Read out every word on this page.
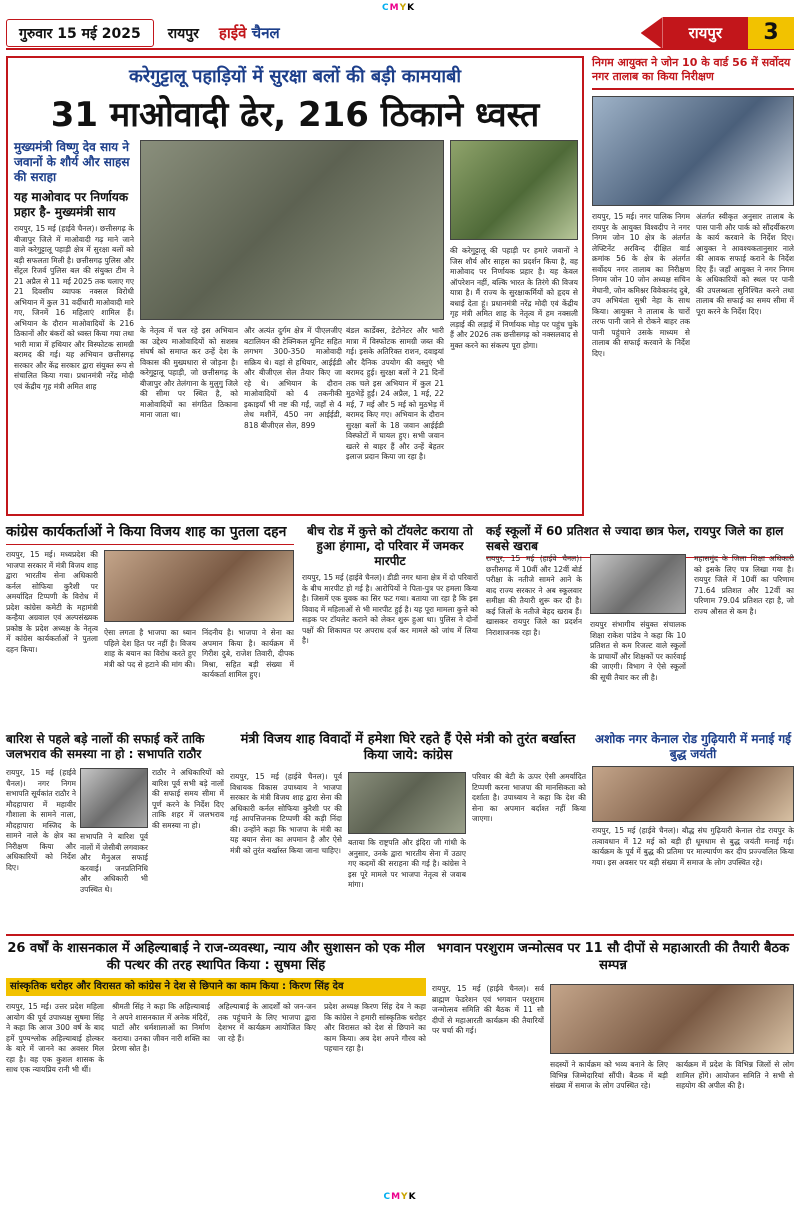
CMYK
गुरुवार 15 मई 2025	रायपुर हाईवे चैनल	रायपुर	3
करेगुट्टालू पहाड़ियों में सुरक्षा बलों की बड़ी कामयाबी
31 माओवादी ढेर, 216 ठिकाने ध्वस्त
मुख्यमंत्री विष्णु देव साय ने जवानों के शौर्य और साहस की सराहा
यह माओवाद पर निर्णायक प्रहार है- मुख्यमंत्री साय
रायपुर, 15 मई (हाईवे चैनल)। छत्तीसगढ़ के बीजापुर जिले में माओवादी गढ़ माने जाने वाले करेगुट्टालू पहाड़ी क्षेत्र में सुरक्षा बलों को बड़ी सफलता मिली है। छत्तीसगढ़ पुलिस और सेंट्रल रिजर्व पुलिस बल की संयुक्त टीम ने 21 अप्रैल से 11 मई 2025 तक चलाए गए 21 दिवसीय व्यापक नक्सल विरोधी अभियान में कुल 31 वर्दीधारी माओवादी मारे गए, जिनमें 16 महिलाएं शामिल हैं। अभियान के दौरान माओवादियों के 216 ठिकानों और बंकरों को ध्वस्त किया गया तथा भारी मात्रा में हथियार और विस्फोटक सामग्री बरामद की गई। यह अभियान छत्तीसगढ़ सरकार और केंद्र सरकार द्वारा संयुक्त रूप से संचालित किया गया। प्रधानमंत्री नरेंद्र मोदी एवं केंद्रीय गृह मंत्री अमित शाह
के नेतृत्व में चल रहे इस अभियान का उद्देश्य माओवादियों को सशस्त्र संघर्ष को समाप्त कर उन्हें देश के विकास की मुख्यधारा से जोड़ना है। करेगुट्टालू पहाड़ी, जो छत्तीसगढ़ के बीजापुर और तेलंगाना के मुलुगु जिले की सीमा पर स्थित है, को माओवादियों का संगठित ठिकाना माना जाता था।
और अत्यंत दुर्गम क्षेत्र में पीएलजीए बटालियन की टेक्निकल यूनिट सहित लगभग 300-350 माओवादी सक्रिय थे। यहां से हथियार, आईईडी और बीजीएल सेल तैयार किए जा रहे थे। अभियान के दौरान माओवादियों को 4 तकनीकी इकाइयाँ भी नष्ट की गईं, जहाँ से 4 लेथ मशीनें, 450 नग आईईडी, 818 बीजीएल सेल, 899
बंडल कार्डेक्स, डेटोनेटर और भारी मात्रा में विस्फोटक सामग्री जब्त की गई। इसके अतिरिक्त राशन, दवाइयां और दैनिक उपयोग की वस्तुएं भी बरामद हुई। सुरक्षा बलों ने 21 दिनों तक चले इस अभियान में कुल 21 मुठभेड़ें हुईं। 24 अप्रैल, 1 मई, 22 मई, 7 मई और 5 मई को मुठभेड़ में बरामद किए गए। अभियान के दौरान सुरक्षा बलों के 18 जवान आईईडी विस्फोटों में घायल हुए। सभी जवान खतरे से बाहर हैं और उन्हें बेहतर इलाज प्रदान किया जा रहा है।
की करेगुट्टालू की पहाड़ी पर हमारे जवानों ने जिस शौर्य और साहस का प्रदर्शन किया है, वह माओवाद पर निर्णायक प्रहार है। यह केवल ऑपरेशन नहीं, बल्कि भारत के तिरंगे की विजय यात्रा है। मैं राज्य के सुरक्षाकर्मियों को हृदय से बधाई देता हूं। प्रधानमंत्री नरेंद्र मोदी एवं केंद्रीय गृह मंत्री अमित शाह के नेतृत्व में हम नक्सली लड़ाई की लड़ाई में निर्णायक मोड़ पर पहुंच चुके हैं और 2026 तक छत्तीसगढ़ को नक्सलवाद से मुक्त करने का संकल्प पूरा होगा।
निगम आयुक्त ने जोन 10 के वार्ड 56 में सर्वोदय नगर तालाब का किया निरीक्षण
रायपुर, 15 मई। नगर पालिक निगम रायपुर के आयुक्त विश्वदीप ने नगर निगम जोन 10 क्षेत्र के अंतर्गत लेफ्टिनेंट अरविन्द दीक्षित वार्ड क्रमांक 56 के क्षेत्र के अंतर्गत सर्वोदय नगर तालाब का निरीक्षण निगम जोन 10 जोन अध्यक्ष सचिन मेघानी, जोन कमिश्नर विवेकानंद दुबे, उप अभियंता सुश्री नेहा के साथ किया। आयुक्त ने तालाब के चारों तरफ पानी जाने से रोकने बाहर तक पानी पहुंचाने उसके माध्यम से तालाब की सफाई करवाने के निर्देश दिए।
अंतर्गत स्वीकृत अनुसार तालाब के पास पानी और पार्क को सौंदर्यीकरण के कार्य करवाने के निर्देश दिए। आयुक्त ने आवश्यकतानुसार नाले की आवक सफाई कराने के निर्देश दिए हैं। जहाँ आयुक्त ने नगर निगम के अधिकारियों को स्थल पर पानी की उपलब्धता सुनिश्चित करने तथा तालाब की सफाई का समय सीमा में पूरा करने के निर्देश दिए।
कांग्रेस कार्यकर्ताओं ने किया विजय शाह का पुतला दहन
रायपुर, 15 मई। मध्यप्रदेश की भाजपा सरकार में मंत्री विजय शाह द्वारा भारतीय सेना अधिकारी कर्नल सोफिया कुरैशी पर अमर्यादित टिप्पणी के विरोध में प्रदेश कांग्रेस कमेटी के महामंत्री कन्हैया अग्रवाल एवं अल्पसंख्यक प्रकोष्ठ के प्रदेश अध्यक्ष के नेतृत्व में कांग्रेस कार्यकर्ताओं ने पुतला दहन किया।
ऐसा लगता है भाजपा का ध्यान पहिले देश हित पर नहीं है। विजय शाह के बयान का विरोध करते हुए मंत्री को पद से हटाने की मांग की।
निंदनीय है। भाजपा ने सेना का अपमान किया है। कार्यक्रम में गिरीश दुबे, राजेश तिवारी, दीपक मिश्रा, सहित बड़ी संख्या में कार्यकर्ता शामिल हुए।
बीच रोड में कुत्ते को टॉयलेट कराया तो हुआ हंगामा, दो परिवार में जमकर मारपीट
रायपुर, 15 मई (हाईवे चैनल)। डीडी नगर थाना क्षेत्र में दो परिवारों के बीच मारपीट हो गई है। आरोपियों ने पिता-पुत्र पर हमला किया है। जिसमें एक युवक का सिर फट गया। बताया जा रहा है कि इस विवाद में महिलाओं से भी मारपीट हुई है। यह पूरा मामला कुत्ते को सड़क पर टॉयलेट कराने को लेकर शुरू हुआ था। पुलिस ने दोनों पक्षों की शिकायत पर अपराध दर्ज कर मामले को जांच में लिया है।
कई स्कूलों में 60 प्रतिशत से ज्यादा छात्र फेल, रायपुर जिले का हाल सबसे खराब
रायपुर, 15 मई (हाईवे चैनल)। छत्तीसगढ़ में 10वीं और 12वीं बोर्ड परीक्षा के नतीजे सामने आने के बाद राज्य सरकार ने अब स्कूलवार समीक्षा की तैयारी शुरू कर दी है। कई जिलों के नतीजे बेहद खराब हैं। खासकर रायपुर जिले का प्रदर्शन निराशाजनक रहा है।
रायपुर संभागीय संयुक्त संचालक शिक्षा राकेश पांडेय ने कहा कि 10 प्रतिशत से कम रिजल्ट वाले स्कूलों के प्राचार्यों और शिक्षकों पर कार्रवाई की जाएगी। विभाग ने ऐसे स्कूलों की सूची तैयार कर ली है।
महासमुंद के जिला शिक्षा अधिकारी को इसके लिए पत्र लिखा गया है। रायपुर जिले में 10वीं का परिणाम 71.64 प्रतिशत और 12वीं का परिणाम 79.04 प्रतिशत रहा है, जो राज्य औसत से कम है।
बारिश से पहले बड़े नालों की सफाई करें ताकि जलभराव की समस्या ना हो : सभापति राठौर
रायपुर, 15 मई (हाईवे चैनल)। नगर निगम सभापति सूर्यकांत राठौर ने मौदहापारा में महावीर गौशाला के सामने नाला, मौदहापारा मस्जिद के सामने नाले के क्षेत्र का निरीक्षण किया और अधिकारियों को निर्देश दिए।
सभापति ने बारिश पूर्व नालों में जेसीबी लगवाकर और मैनुअल सफाई करवाई। जनप्रतिनिधि और अधिकारी भी उपस्थित थे।
राठौर ने अधिकारियों को बारिश पूर्व सभी बड़े नालों की सफाई समय सीमा में पूर्ण करने के निर्देश दिए ताकि शहर में जलभराव की समस्या ना हो।
मंत्री विजय शाह विवादों में हमेशा घिरे रहते हैं ऐसे मंत्री को तुरंत बर्खास्त किया जाये: कांग्रेस
रायपुर, 15 मई (हाईवे चैनल)। पूर्व विधायक विकास उपाध्याय ने भाजपा सरकार के मंत्री विजय शाह द्वारा सेना की अधिकारी कर्नल सोफिया कुरैशी पर की गई आपत्तिजनक टिप्पणी की कड़ी निंदा की। उन्होंने कहा कि भाजपा के मंत्री का यह बयान सेना का अपमान है और ऐसे मंत्री को तुरंत बर्खास्त किया जाना चाहिए।
बताया कि राष्ट्रपति और इंदिरा जी गांधी के अनुसार, उनके द्वारा भारतीय सेना में उठाए गए कदमों की सराहना की गई है। कांग्रेस ने इस पूरे मामले पर भाजपा नेतृत्व से जवाब मांगा।
परिवार की बेटी के ऊपर ऐसी अमर्यादित टिप्पणी करना भाजपा की मानसिकता को दर्शाता है। उपाध्याय ने कहा कि देश की सेना का अपमान बर्दाश्त नहीं किया जाएगा।
अशोक नगर केनाल रोड गुढ़ियारी में मनाई गई बुद्ध जयंती
रायपुर, 15 मई (हाईवे चैनल)। बौद्ध संघ गुढ़ियारी केनाल रोड रायपुर के तत्वावधान में 12 मई को बड़ी ही धूमधाम से बुद्ध जयंती मनाई गई। कार्यक्रम के पूर्व में बुद्ध की प्रतिमा पर माल्यार्पण कर दीप प्रज्ज्वलित किया गया। इस अवसर पर बड़ी संख्या में समाज के लोग उपस्थित रहे।
26 वर्षों के शासनकाल में अहिल्याबाई ने राज-व्यवस्था, न्याय और सुशासन को एक मील की पत्थर की तरह स्थापित किया : सुषमा सिंह
सांस्कृतिक धरोहर और विरासत को कांग्रेस ने देश से छिपाने का काम किया : किरण सिंह देव
रायपुर, 15 मई। उत्तर प्रदेश महिला आयोग की पूर्व उपाध्यक्ष सुषमा सिंह ने कहा कि आज 300 वर्ष के बाद हमें पुण्यश्लोक अहिल्याबाई होल्कर के बारे में जानने का अवसर मिल रहा है। वह एक कुशल शासक के साथ एक न्यायप्रिय रानी भी थीं।
श्रीमती सिंह ने कहा कि अहिल्याबाई ने अपने शासनकाल में अनेक मंदिरों, घाटों और धर्मशालाओं का निर्माण कराया। उनका जीवन नारी शक्ति का प्रेरणा स्रोत है।
अहिल्याबाई के आदर्शों को जन-जन तक पहुंचाने के लिए भाजपा द्वारा देशभर में कार्यक्रम आयोजित किए जा रहे हैं।
प्रदेश अध्यक्ष किरण सिंह देव ने कहा कि कांग्रेस ने हमारी सांस्कृतिक धरोहर और विरासत को देश से छिपाने का काम किया। अब देश अपने गौरव को पहचान रहा है।
भगवान परशुराम जन्मोत्सव पर 11 सौ दीपों से महाआरती की तैयारी बैठक सम्पन्न
रायपुर, 15 मई (हाईवे चैनल)। सर्व ब्राह्मण फेडरेशन एवं भगवान परशुराम जन्मोत्सव समिति की बैठक में 11 सौ दीपों से महाआरती कार्यक्रम की तैयारियों पर चर्चा की गई।
सदस्यों ने कार्यक्रम को भव्य बनाने के लिए विभिन्न जिम्मेदारियां सौंपी। बैठक में बड़ी संख्या में समाज के लोग उपस्थित रहे।
कार्यक्रम में प्रदेश के विभिन्न जिलों से लोग शामिल होंगे। आयोजन समिति ने सभी से सहयोग की अपील की है।
CMYK
